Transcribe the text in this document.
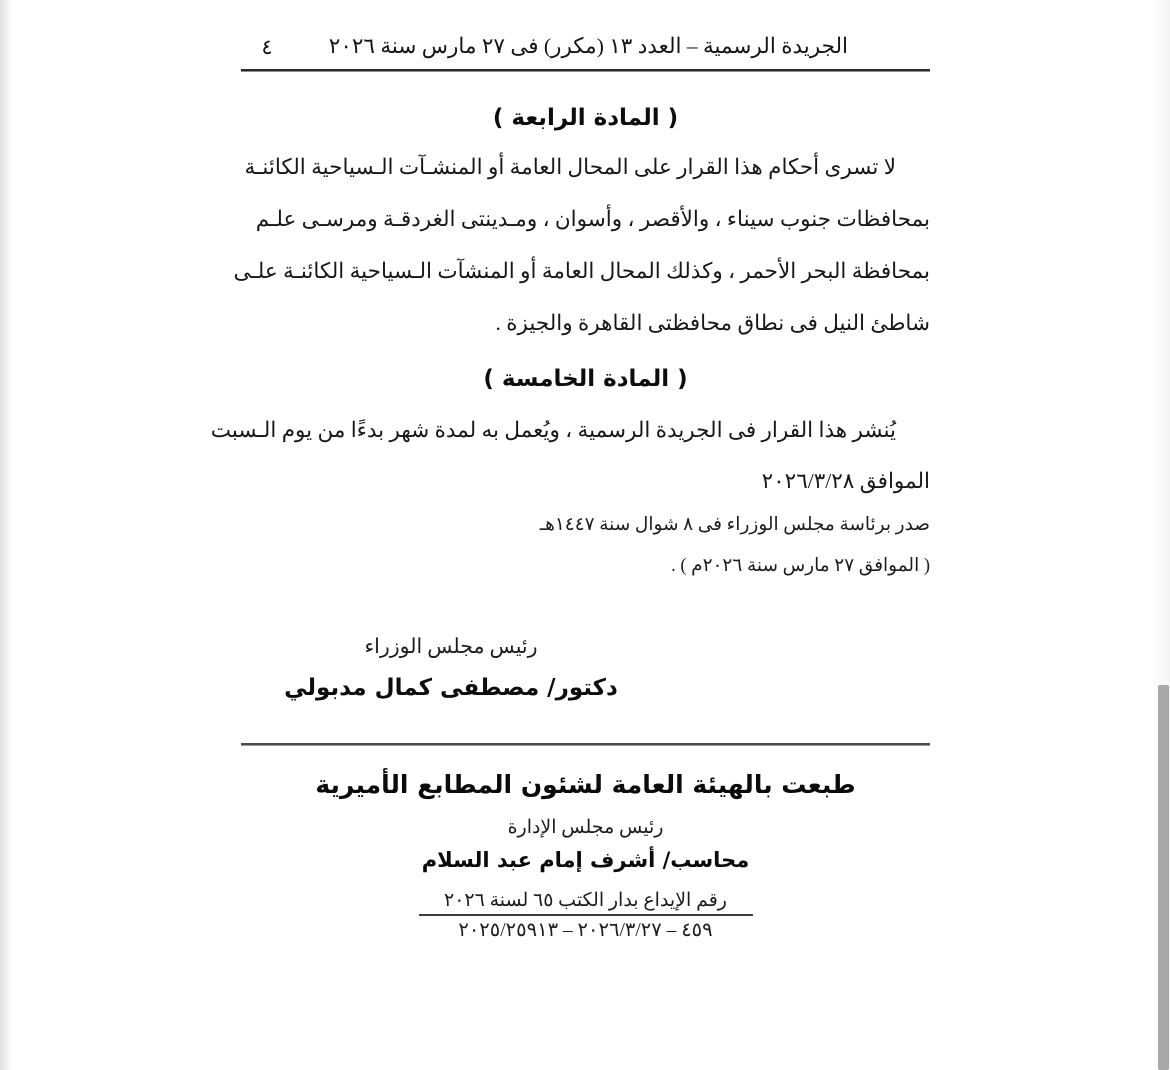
الجريدة الرسمية – العدد ١٣ (مكرر) فى ٢٧ مارس سنة ٢٠٢٦
٤
( المادة الرابعة )
لا تسرى أحكام هذا القرار على المحال العامة أو المنشـآت الـسياحية الكائنـة
بمحافظات جنوب سيناء ، والأقصر ، وأسوان ، ومـدينتى الغردقـة ومرسـى علـم
بمحافظة البحر الأحمر ، وكذلك المحال العامة أو المنشآت الـسياحية الكائنـة علـى
شاطئ النيل فى نطاق محافظتى القاهرة والجيزة .
( المادة الخامسة )
يُنشر هذا القرار فى الجريدة الرسمية ، ويُعمل به لمدة شهر بدءًا من يوم الـسبت
الموافق ٢٠٢٦/٣/٢٨
صدر برئاسة مجلس الوزراء فى ٨ شوال سنة ١٤٤٧هـ
( الموافق ٢٧ مارس سنة ٢٠٢٦م ) .
رئيس مجلس الوزراء
دكتور/ مصطفى كمال مدبولي
طبعت بالهيئة العامة لشئون المطابع الأميرية
رئيس مجلس الإدارة
محاسب/ أشرف إمام عبد السلام
رقم الإيداع بدار الكتب ٦٥ لسنة ٢٠٢٦
٤٥٩ – ٢٠٢٦/٣/٢٧ – ٢٠٢٥/٢٥٩١٣
